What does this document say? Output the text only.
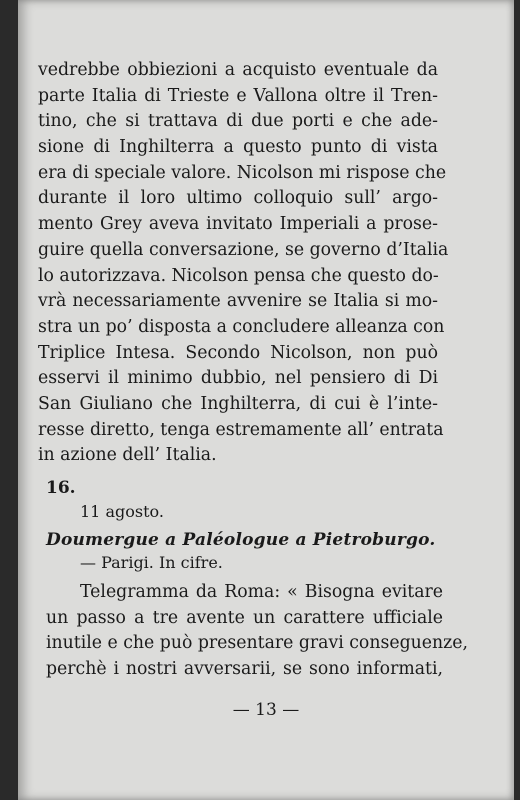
vedrebbe obbiezioni a acquisto eventuale da
parte Italia di Trieste e Vallona oltre il Tren-
tino, che si trattava di due porti e che ade-
sione di Inghilterra a questo punto di vista
era di speciale valore. Nicolson mi rispose che
durante il loro ultimo colloquio sull’ argo-
mento Grey aveva invitato Imperiali a prose-
guire quella conversazione, se governo d’Italia
lo autorizzava. Nicolson pensa che questo do-
vrà necessariamente avvenire se Italia si mo-
stra un po’ disposta a concludere alleanza con
Triplice Intesa. Secondo Nicolson, non può
esservi il minimo dubbio, nel pensiero di Di
San Giuliano che Inghilterra, di cui è l’inte-
resse diretto, tenga estremamente all’ entrata
in azione dell’ Italia.
16.
11 agosto.
Doumergue a Paléologue a Pietroburgo.
— Parigi. In cifre.
Telegramma da Roma: « Bisogna evitare
un passo a tre avente un carattere ufficiale
inutile e che può presentare gravi conseguenze,
perchè i nostri avversarii, se sono informati,
— 13 —
